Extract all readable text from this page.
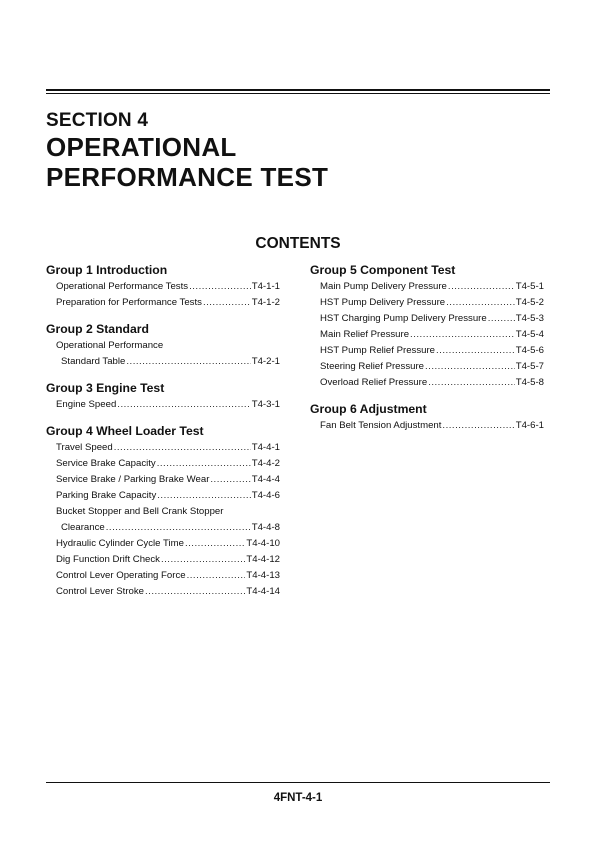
SECTION 4
OPERATIONAL
PERFORMANCE TEST
CONTENTS
Group 1 Introduction
Operational Performance Tests .....	T4-1-1
Preparation for Performance Tests .....	T4-1-2
Group 2 Standard
Operational Performance
Standard Table .....	T4-2-1
Group 3 Engine Test
Engine Speed .....	T4-3-1
Group 4 Wheel Loader Test
Travel Speed .....	T4-4-1
Service Brake Capacity .....	T4-4-2
Service Brake / Parking Brake Wear .....	T4-4-4
Parking Brake Capacity .....	T4-4-6
Bucket Stopper and Bell Crank Stopper
Clearance .....	T4-4-8
Hydraulic Cylinder Cycle Time .....	T4-4-10
Dig Function Drift Check .....	T4-4-12
Control Lever Operating Force .....	T4-4-13
Control Lever Stroke .....	T4-4-14
Group 5 Component Test
Main Pump Delivery Pressure .....	T4-5-1
HST Pump Delivery Pressure .....	T4-5-2
HST Charging Pump Delivery Pressure .....	T4-5-3
Main Relief Pressure .....	T4-5-4
HST Pump Relief Pressure .....	T4-5-6
Steering Relief Pressure .....	T4-5-7
Overload Relief Pressure .....	T4-5-8
Group 6 Adjustment
Fan Belt Tension Adjustment .....	T4-6-1
4FNT-4-1
